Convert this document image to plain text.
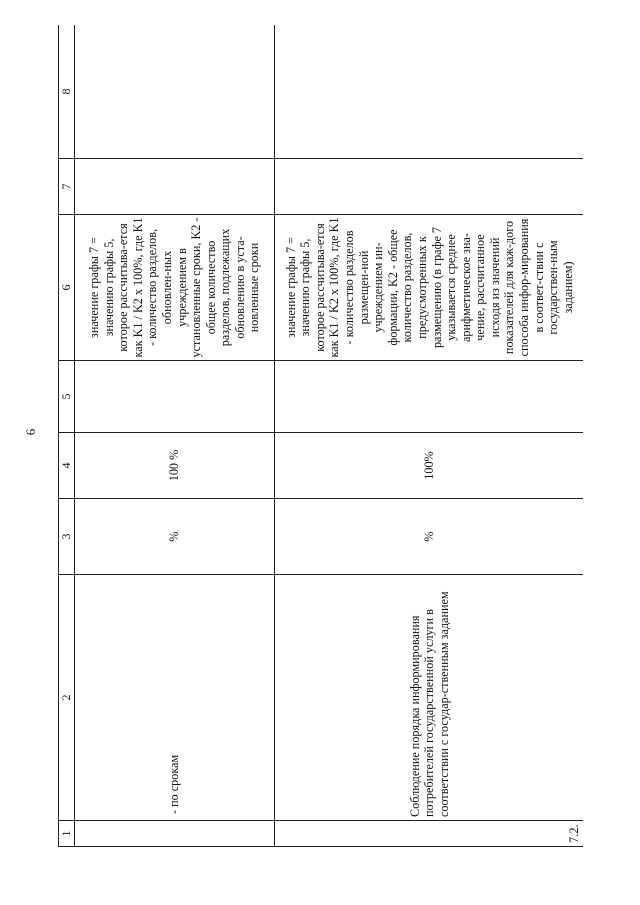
6
1	2	3	4	5	6	7	8
	- по срокам	%	100 %		значение графы 7 = значению графы 5, которое рассчитыва-ется как K1 / K2 x 100%, где K1 - количество разделов, обновлен-ных учреждением в установленные сроки, K2 - общее количество разделов, подлежащих обновлению в уста-новленные сроки		
7.2.	Соблюдение порядка информирования потребителей государственной услуги в соответствии с государ-ственным заданием	%	100%		значение графы 7 = значению графы 5, которое рассчитыва-ется как K1 / K2 x 100%, где K1 - количество разделов размещен-ной учреждением ин-формации, K2 - общее количество разделов, предусмотренных к размещению (в графе 7 указывается среднее арифметическое зна-чение, рассчитанное исходя из значений показателей для каж-дого способа инфор-мирования в соответ-ствии с государствен-ным заданием)		
